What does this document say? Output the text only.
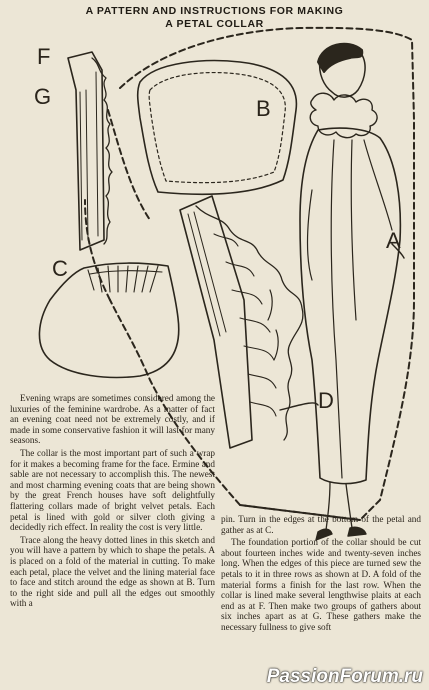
A PATTERN AND INSTRUCTIONS FOR MAKING
A PETAL COLLAR
F
G	B
C
A
D

Evening wraps are sometimes considered among the luxuries of the feminine wardrobe. As a matter of fact an evening coat need not be extremely costly, and if made in some conservative fashion it will last for many seasons.

The collar is the most important part of such a wrap for it makes a becoming frame for the face. Ermine and sable are not necessary to accomplish this. The newest and most charming evening coats that are being shown by the great French houses have soft delightfully flattering collars made of bright velvet petals. Each petal is lined with gold or silver cloth giving a decidedly rich effect. In reality the cost is very little.

Trace along the heavy dotted lines in this sketch and you will have a pattern by which to shape the petals. A is placed on a fold of the material in cutting. To make each petal, place the velvet and the lining material face to face and stitch around the edge as shown at B. Turn to the right side and pull all the edges out smoothly with a

pin. Turn in the edges at the bottom of the petal and gather as at C.

The foundation portion of the collar should be cut about fourteen inches wide and twenty-seven inches long. When the edges of this piece are turned sew the petals to it in three rows as shown at D. A fold of the material forms a finish for the last row. When the collar is lined make several lengthwise plaits at each end as at F. Then make two groups of gathers about six inches apart as at G. These gathers make the necessary fullness to give soft

PassionForum.ru
